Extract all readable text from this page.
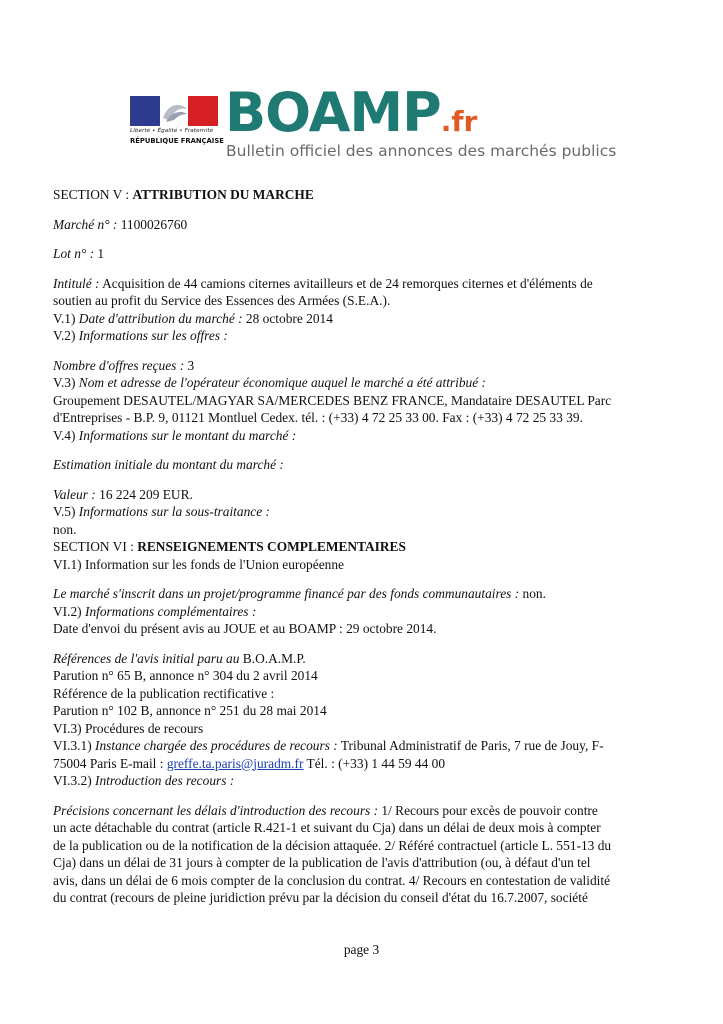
Liberté • Égalité • Fraternité
RÉPUBLIQUE FRANÇAISE BOAMP.fr
Bulletin officiel des annonces des marchés publics
SECTION V : ATTRIBUTION DU MARCHE
Marché n° : 1100026760
Lot n° : 1
Intitulé : Acquisition de 44 camions citernes avitailleurs et de 24 remorques citernes et d'éléments de
soutien au profit du Service des Essences des Armées (S.E.A.).
V.1) Date d'attribution du marché : 28 octobre 2014
V.2) Informations sur les offres :
Nombre d'offres reçues : 3
V.3) Nom et adresse de l'opérateur économique auquel le marché a été attribué :
Groupement DESAUTEL/MAGYAR SA/MERCEDES BENZ FRANCE, Mandataire DESAUTEL Parc
d'Entreprises - B.P. 9, 01121 Montluel Cedex. tél. : (+33) 4 72 25 33 00. Fax : (+33) 4 72 25 33 39.
V.4) Informations sur le montant du marché :
Estimation initiale du montant du marché :
Valeur : 16 224 209 EUR.
V.5) Informations sur la sous-traitance :
non.
SECTION VI : RENSEIGNEMENTS COMPLEMENTAIRES
VI.1) Information sur les fonds de l'Union européenne
Le marché s'inscrit dans un projet/programme financé par des fonds communautaires : non.
VI.2) Informations complémentaires :
Date d'envoi du présent avis au JOUE et au BOAMP : 29 octobre 2014.
Références de l'avis initial paru au B.O.A.M.P.
Parution n° 65 B, annonce n° 304 du 2 avril 2014
Référence de la publication rectificative :
Parution n° 102 B, annonce n° 251 du 28 mai 2014
VI.3) Procédures de recours
VI.3.1) Instance chargée des procédures de recours : Tribunal Administratif de Paris, 7 rue de Jouy, F-
75004 Paris E-mail : greffe.ta.paris@juradm.fr Tél. : (+33) 1 44 59 44 00
VI.3.2) Introduction des recours :
Précisions concernant les délais d'introduction des recours : 1/ Recours pour excès de pouvoir contre
un acte détachable du contrat (article R.421-1 et suivant du Cja) dans un délai de deux mois à compter
de la publication ou de la notification de la décision attaquée. 2/ Référé contractuel (article L. 551-13 du
Cja) dans un délai de 31 jours à compter de la publication de l'avis d'attribution (ou, à défaut d'un tel
avis, dans un délai de 6 mois compter de la conclusion du contrat. 4/ Recours en contestation de validité
du contrat (recours de pleine juridiction prévu par la décision du conseil d'état du 16.7.2007, société
page 3
